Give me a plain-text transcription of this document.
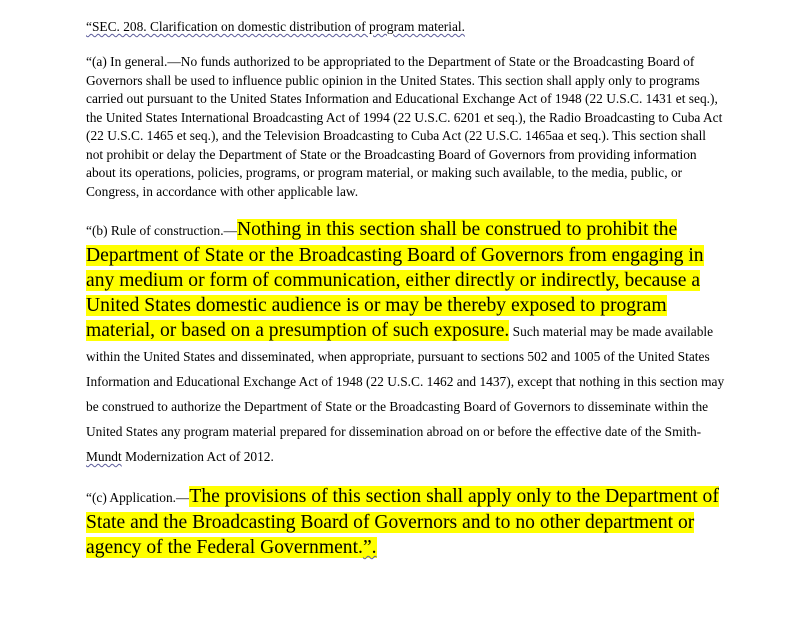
“SEC. 208. Clarification on domestic distribution of program material.

“(a) In general.—No funds authorized to be appropriated to the Department of State or the Broadcasting Board of Governors shall be used to influence public opinion in the United States. This section shall apply only to programs carried out pursuant to the United States Information and Educational Exchange Act of 1948 (22 U.S.C. 1431 et seq.), the United States International Broadcasting Act of 1994 (22 U.S.C. 6201 et seq.), the Radio Broadcasting to Cuba Act (22 U.S.C. 1465 et seq.), and the Television Broadcasting to Cuba Act (22 U.S.C. 1465aa et seq.). This section shall not prohibit or delay the Department of State or the Broadcasting Board of Governors from providing information about its operations, policies, programs, or program material, or making such available, to the media, public, or Congress, in accordance with other applicable law.

“(b) Rule of construction.—Nothing in this section shall be construed to prohibit the Department of State or the Broadcasting Board of Governors from engaging in any medium or form of communication, either directly or indirectly, because a United States domestic audience is or may be thereby exposed to program material, or based on a presumption of such exposure. Such material may be made available within the United States and disseminated, when appropriate, pursuant to sections 502 and 1005 of the United States Information and Educational Exchange Act of 1948 (22 U.S.C. 1462 and 1437), except that nothing in this section may be construed to authorize the Department of State or the Broadcasting Board of Governors to disseminate within the United States any program material prepared for dissemination abroad on or before the effective date of the Smith-Mundt Modernization Act of 2012.

“(c) Application.—The provisions of this section shall apply only to the Department of State and the Broadcasting Board of Governors and to no other department or agency of the Federal Government.”.
